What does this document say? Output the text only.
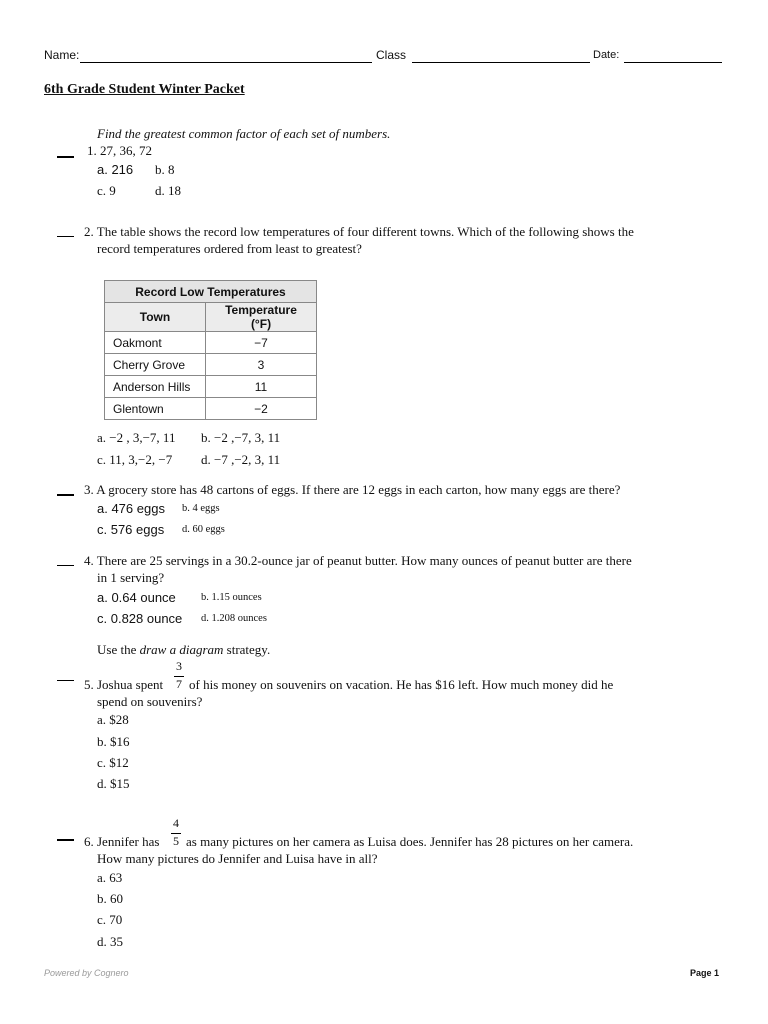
Name:	Class	Date:
6th Grade Student Winter Packet
Find the greatest common factor of each set of numbers.
1. 27, 36, 72
a. 216 b. 8
c. 9	d. 18
2. The table shows the record low temperatures of four different towns. Which of the following shows the
record temperatures ordered from least to greatest?
Record Low Temperatures	
Town	Temperature (°F)
Oakmont	−7
Cherry Grove	3
Anderson Hills	11
Glentown	−2
a. −2 , 3,−7, 11 b. −2 ,−7, 3, 11
c. 11, 3,−2, −7 d. −7 ,−2, 3, 11
3. A grocery store has 48 cartons of eggs. If there are 12 eggs in each carton, how many eggs are there?
a. 476 eggs b. 4 eggs
c. 576 eggs d. 60 eggs
4. There are 25 servings in a 30.2-ounce jar of peanut butter. How many ounces of peanut butter are there
in 1 serving?
a. 0.64 ounce b. 1.15 ounces
c. 0.828 ounce d. 1.208 ounces
Use the draw a diagram strategy.
5. Joshua spent
3
7 of his money on souvenirs on vacation. He has $16 left. How much money did he
spend on souvenirs?
a. $28
b. $16
c. $12
d. $15
6. Jennifer has
4
5 as many pictures on her camera as Luisa does. Jennifer has 28 pictures on her camera.
How many pictures do Jennifer and Luisa have in all?
a. 63
b. 60
c. 70
d. 35
Powered by Cognero	Page 1
